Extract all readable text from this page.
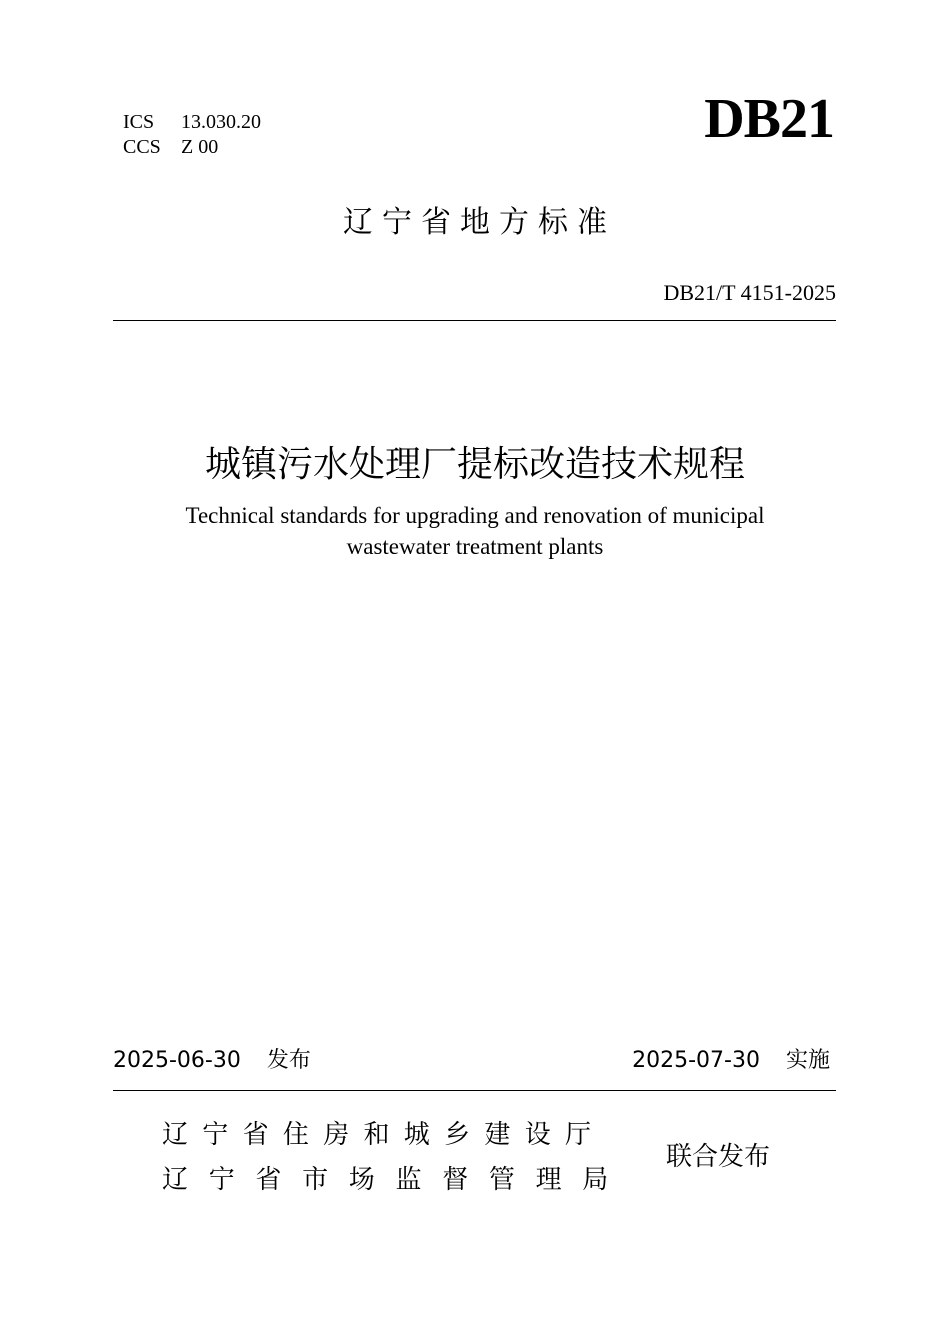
ICS 13.030.20

CCS Z 00	DB21
辽宁省地方标准
DB21/T 4151-2025
城镇污水处理厂提标改造技术规程
Technical standards for upgrading and renovation of municipal
wastewater treatment plants
2025-06-30 发布	2025-07-30 实施
辽宁省住房和城乡建设厅
辽宁省市场监督管理局
联合发布
